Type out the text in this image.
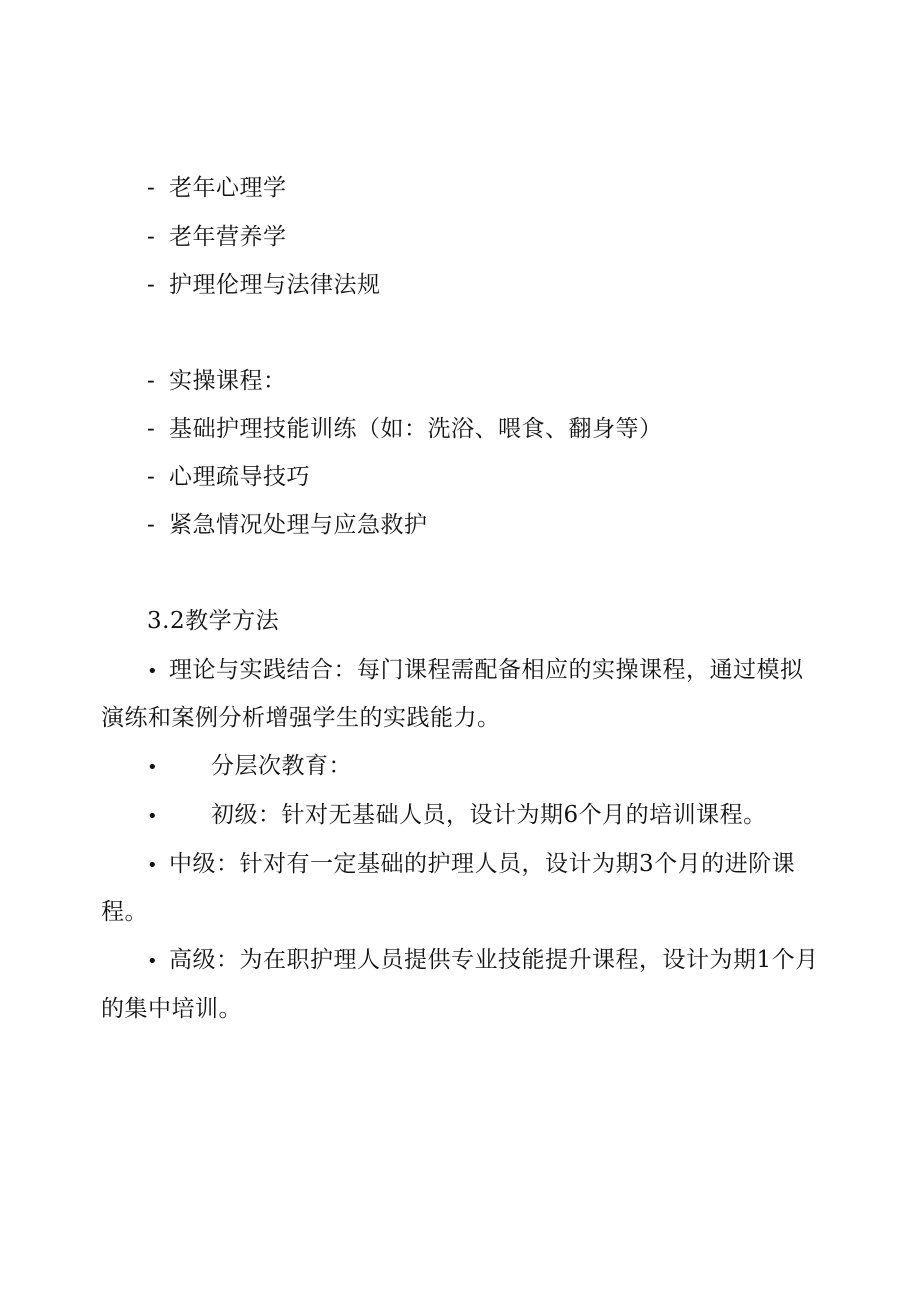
- 老年心理学
- 老年营养学
- 护理伦理与法律法规
- 实操课程：
- 基础护理技能训练（如：洗浴、喂食、翻身等）
- 心理疏导技巧
- 紧急情况处理与应急救护
3.2教学方法
• 理论与实践结合：每门课程需配备相应的实操课程，通过模拟
演练和案例分析增强学生的实践能力。
• 分层次教育：
• 初级：针对无基础人员，设计为期6个月的培训课程。
• 中级：针对有一定基础的护理人员，设计为期3个月的进阶课
程。
• 高级：为在职护理人员提供专业技能提升课程，设计为期1个月
的集中培训。
